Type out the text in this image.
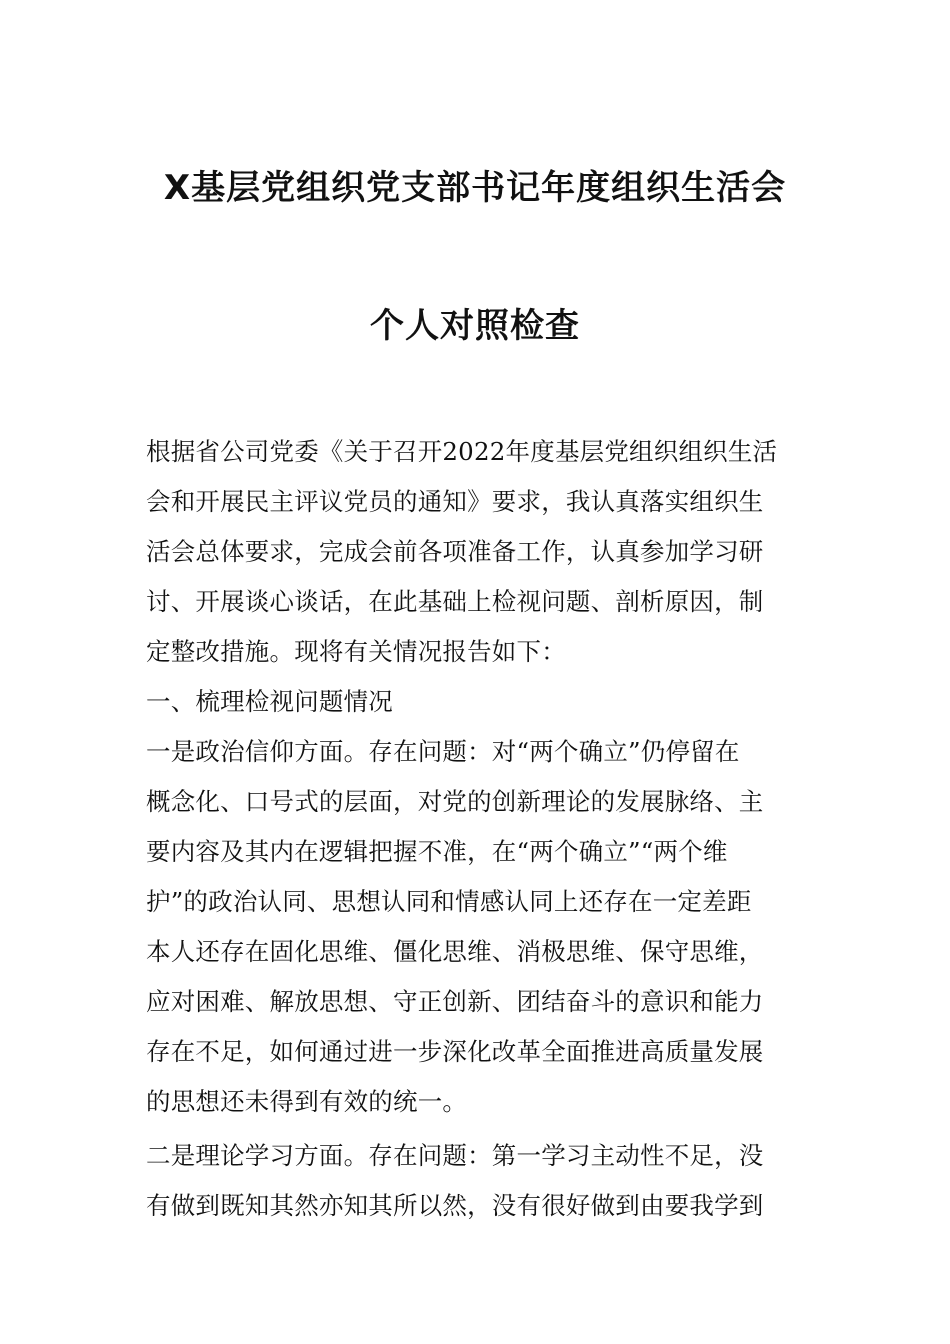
X基层党组织党支部书记年度组织生活会
个人对照检查
根据省公司党委《关于召开2022年度基层党组织组织生活
会和开展民主评议党员的通知》要求，我认真落实组织生
活会总体要求，完成会前各项准备工作，认真参加学习研
讨、开展谈心谈话，在此基础上检视问题、剖析原因，制
定整改措施。现将有关情况报告如下：
一、梳理检视问题情况
一是政治信仰方面。存在问题：对“两个确立”仍停留在
概念化、口号式的层面，对党的创新理论的发展脉络、主
要内容及其内在逻辑把握不准，在“两个确立”“两个维
护”的政治认同、思想认同和情感认同上还存在一定差距
本人还存在固化思维、僵化思维、消极思维、保守思维，
应对困难、解放思想、守正创新、团结奋斗的意识和能力
存在不足，如何通过进一步深化改革全面推进高质量发展
的思想还未得到有效的统一。
二是理论学习方面。存在问题：第一学习主动性不足，没
有做到既知其然亦知其所以然，没有很好做到由要我学到
